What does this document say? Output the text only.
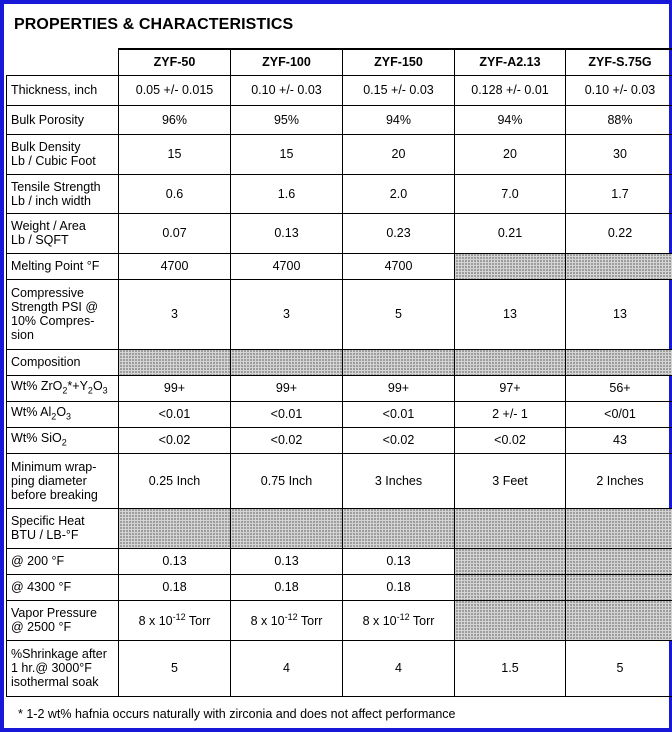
PROPERTIES & CHARACTERISTICS
	ZYF-50	ZYF-100	ZYF-150	ZYF-A2.13	ZYF-S.75G
Thickness, inch	0.05 +/- 0.015	0.10 +/- 0.03	0.15 +/- 0.03	0.128 +/- 0.01	0.10 +/- 0.03
Bulk Porosity	96%	95%	94%	94%	88%
Bulk Density
Lb / Cubic Foot	15	15	20	20	30
Tensile Strength
Lb / inch width	0.6	1.6	2.0	7.0	1.7
Weight / Area
Lb / SQFT	0.07	0.13	0.23	0.21	0.22
Melting Point °F	4700	4700	4700		
Compressive
Strength PSI @
10% Compres-
sion	3	3	5	13	13
Composition					
Wt% $ZrO_2*+Y_2O_3$	99+	99+	99+	97+	56+
Wt% $Al_2O_3$	<0.01	<0.01	<0.01	2 +/- 1	<0/01
Wt% SiO$_2$	<0.02	<0.02	<0.02	<0.02	43
Minimum wrap-
ping diameter
before breaking	0.25 Inch	0.75 Inch	3 Inches	3 Feet	2 Inches
Specific Heat
BTU / LB-°F					
@ 200 °F	0.13	0.13	0.13		
@ 4300 °F	0.18	0.18	0.18		
Vapor Pressure
@ 2500 °F	8 x $10^{-12}$ Torr	8 x $10^{-12}$ Torr	8 x $10^{-12}$ Torr		
%Shrinkage after
1 hr.@ 3000°F
isothermal soak	5	4	4	1.5	5
* 1-2 wt% hafnia occurs naturally with zirconia and does not affect performance
